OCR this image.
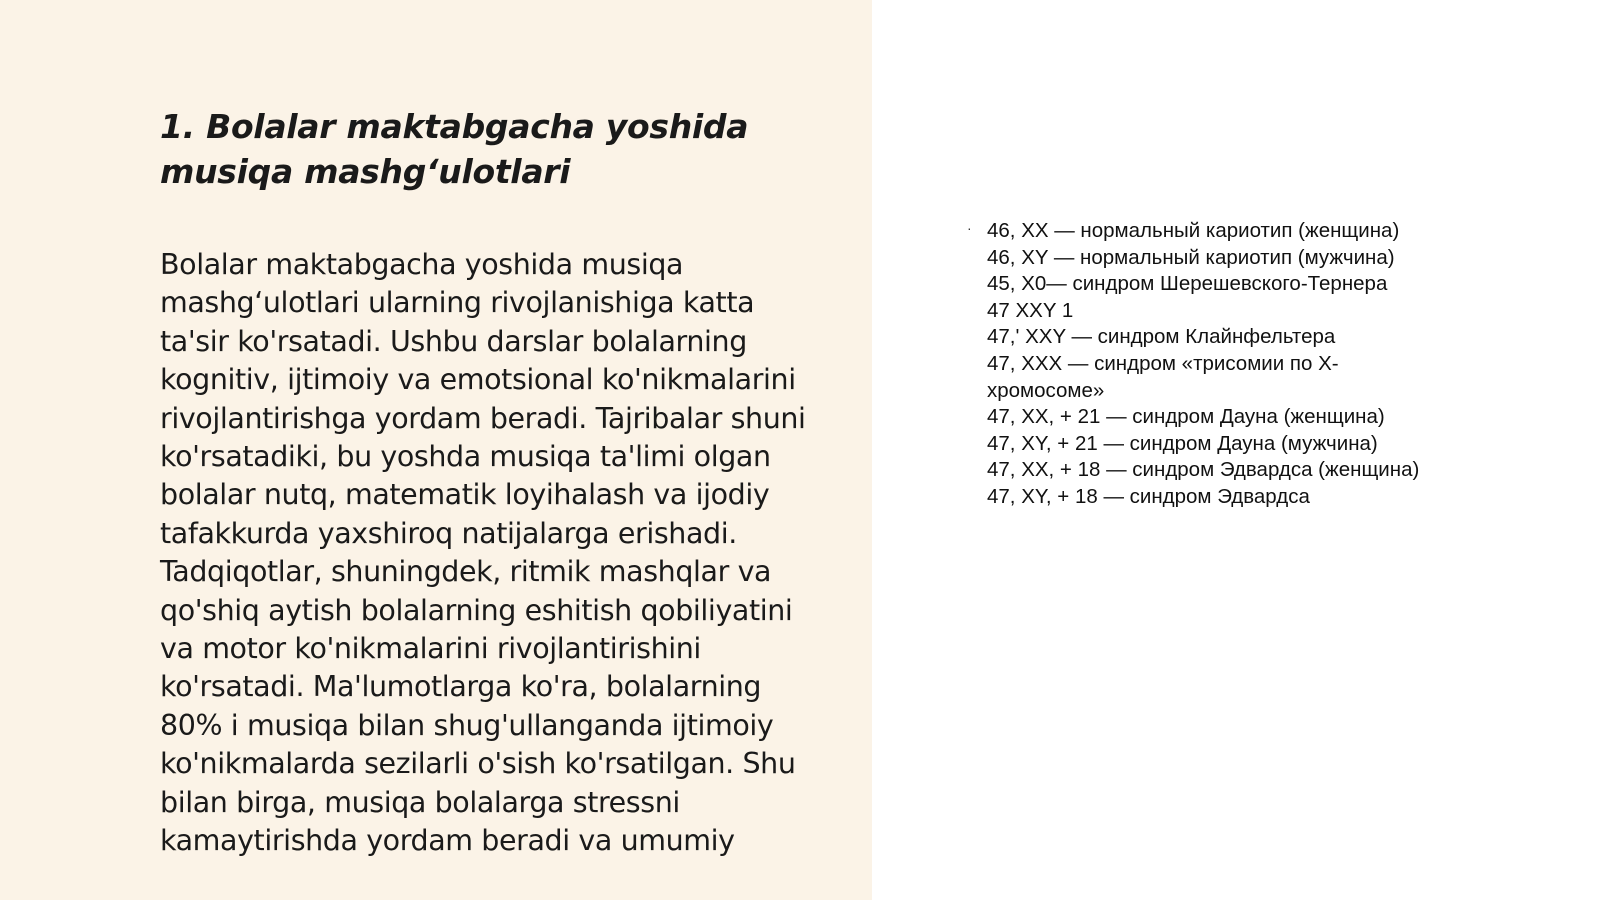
1. Bolalar maktabgacha yoshida musiqa mashg‘ulotlari

Bolalar maktabgacha yoshida musiqa mashg‘ulotlari ularning rivojlanishiga katta ta'sir ko'rsatadi. Ushbu darslar bolalarning kognitiv, ijtimoiy va emotsional ko'nikmalarini rivojlantirishga yordam beradi. Tajribalar shuni ko'rsatadiki, bu yoshda musiqa ta'limi olgan bolalar nutq, matematik loyihalash va ijodiy tafakkurda yaxshiroq natijalarga erishadi. Tadqiqotlar, shuningdek, ritmik mashqlar va qo'shiq aytish bolalarning eshitish qobiliyatini va motor ko'nikmalarini rivojlantirishini ko'rsatadi. Ma'lumotlarga ko'ra, bolalarning 80% i musiqa bilan shug'ullanganda ijtimoiy ko'nikmalarda sezilarli o'sish ko'rsatilgan. Shu bilan birga, musiqa bolalarga stressni kamaytirishda yordam beradi va umumiy

· 46, XX — нормальный кариотип (женщина)
46, XY — нормальный кариотип (мужчина)
45, X0— синдром Шерешевского-Тернера
47 XXY 1
47,' XXY — синдром Клайнфельтера
47, XXX — синдром «трисомии по X-хромосоме»
47, XX, + 21 — синдром Дауна (женщина)
47, XY, + 21 — синдром Дауна (мужчина)
47, XX, + 18 — синдром Эдвардса (женщина)
47, XY, + 18 — синдром Эдвардса
